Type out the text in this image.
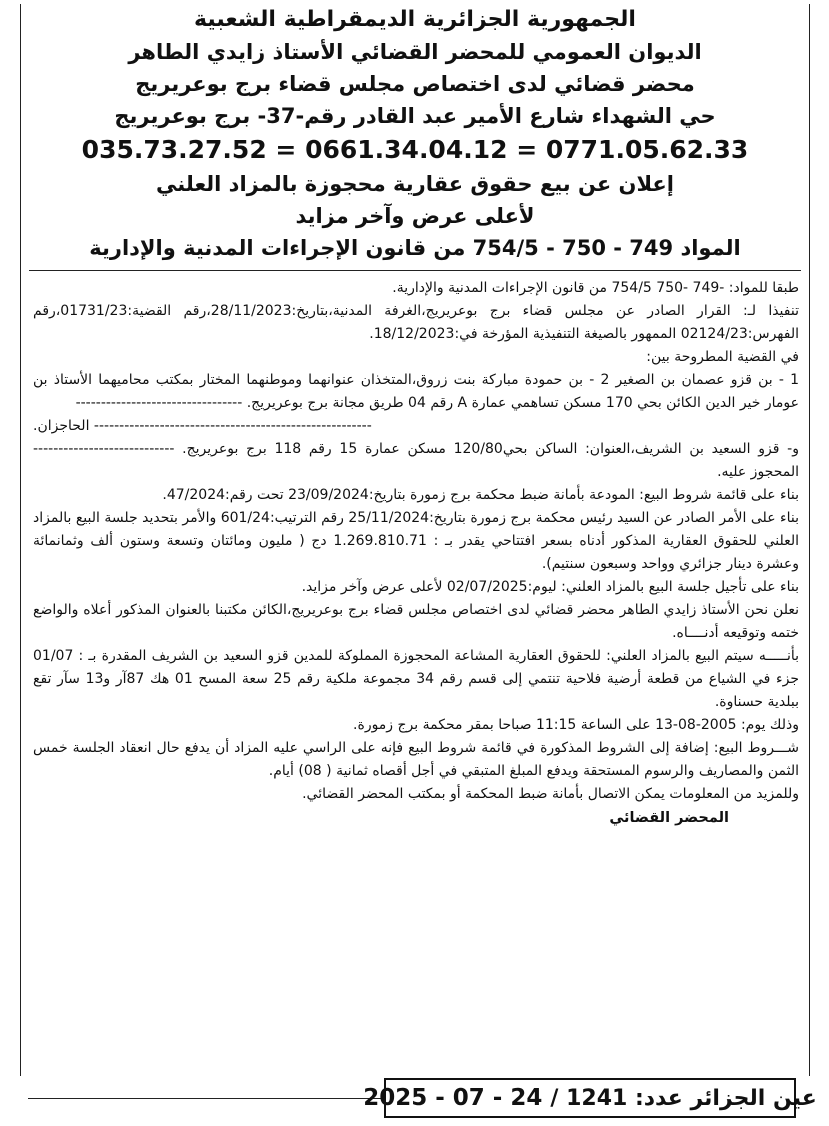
الجمهورية الجزائرية الديمقراطية الشعبية
الديوان العمومي للمحضر القضائي الأستاذ زايدي الطاهر
محضر قضائي لدى اختصاص مجلس قضاء برج بوعريريج
حي الشهداء شارع الأمير عبد القادر رقم-37- برج بوعريريج
035.73.27.52 = 0661.34.04.12 = 0771.05.62.33
إعلان عن بيع حقوق عقارية محجوزة بالمزاد العلني
لأعلى عرض وآخر مزايد
المواد 749 - 750 - 754/5 من قانون الإجراءات المدنية والإدارية
طبقا للمواد: -749 -750 754/5 من قانون الإجراءات المدنية والإدارية.
تنفيذا لـ: القرار الصادر عن مجلس قضاء برج بوعريريج،الغرفة المدنية،بتاريخ:28/11/2023،رقم القضية:01731/23،رقم الفهرس:02124/23 الممهور بالصيغة التنفيذية المؤرخة في:18/12/2023.
في القضية المطروحة بين:
1 - بن قزو عصمان بن الصغير 2 - بن حمودة مباركة بنت زروق،المتخذان عنوانهما وموطنهما المختار بمكتب محاميهما الأستاذ بن عومار خير الدين الكائن بحي 170 مسكن تساهمي عمارة A رقم 04 طريق مجانة برج بوعريريج. ---------------------------------
------------------------------------------------------- الحاجزان.
و- قزو السعيد بن الشريف،العنوان: الساكن بحي120/80 مسكن عمارة 15 رقم 118 برج بوعريريج. ---------------------------- المحجوز عليه.
بناء على قائمة شروط البيع: المودعة بأمانة ضبط محكمة برج زمورة بتاريخ:23/09/2024 تحت رقم:47/2024.
بناء على الأمر الصادر عن السيد رئيس محكمة برج زمورة بتاريخ:25/11/2024 رقم الترتيب:601/24 والأمر بتحديد جلسة البيع بالمزاد العلني للحقوق العقارية المذكور أدناه بسعر افتتاحي يقدر بـ : 1.269.810.71 دج ( مليون ومائتان وتسعة وستون ألف وثمانمائة وعشرة دينار جزائري وواحد وسبعون سنتيم).
بناء على تأجيل جلسة البيع بالمزاد العلني: ليوم:02/07/2025 لأعلى عرض وآخر مزايد.
نعلن نحن الأستاذ زايدي الطاهر محضر قضائي لدى اختصاص مجلس قضاء برج بوعريريج،الكائن مكتبنا بالعنوان المذكور أعلاه والواضع ختمه وتوقيعه أدنــــاه.
بأنـــــه سيتم البيع بالمزاد العلني: للحقوق العقارية المشاعة المحجوزة المملوكة للمدين قزو السعيد بن الشريف المقدرة بـ : 01/07 جزء في الشياع من قطعة أرضية فلاحية تنتمي إلى قسم رقم 34 مجموعة ملكية رقم 25 سعة المسح 01 هك 87آر و13 سآر تقع ببلدية حسناوة.
وذلك يوم: 2005-08-13 على الساعة 11:15 صباحا بمقر محكمة برج زمورة.
شـــروط البيع: إضافة إلى الشروط المذكورة في قائمة شروط البيع فإنه على الراسي عليه المزاد أن يدفع حال انعقاد الجلسة خمس الثمن والمصاريف والرسوم المستحقة ويدفع المبلغ المتبقي في أجل أقصاه ثمانية ( 08) أيام.
وللمزيد من المعلومات يمكن الاتصال بأمانة ضبط المحكمة أو بمكتب المحضر القضائي.
المحضر القضائي
عين الجزائر عدد: 1241 /
2025 - 07 - 24
